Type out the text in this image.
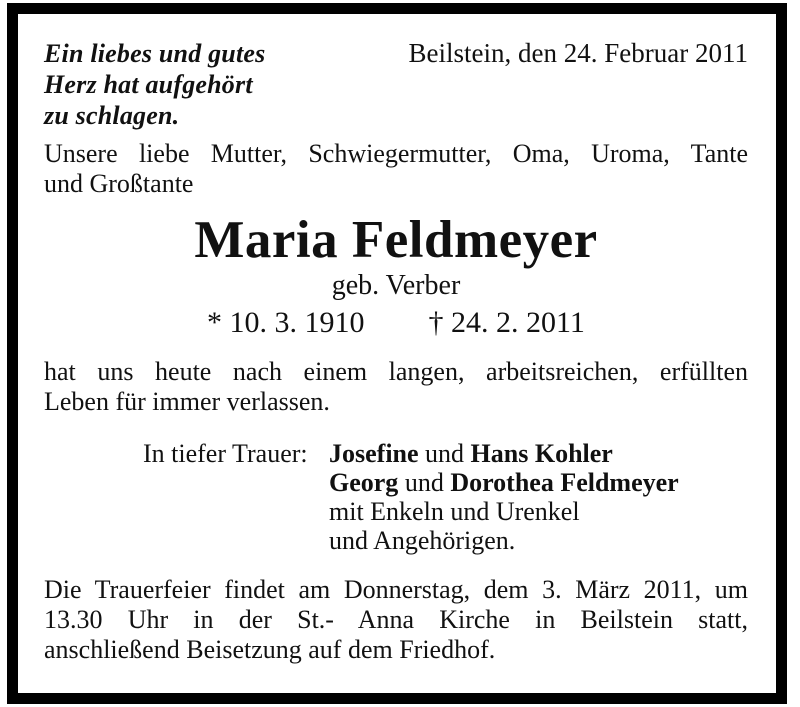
Ein liebes und gutes
Herz hat aufgehört
zu schlagen.
Beilstein, den 24. Februar 2011
Unsere liebe Mutter, Schwiegermutter, Oma, Uroma, Tante
und Großtante
Maria Feldmeyer
geb. Verber
* 10. 3. 1910 † 24. 2. 2011
hat uns heute nach einem langen, arbeitsreichen, erfüllten
Leben für immer verlassen.
In tiefer Trauer: Josefine und Hans Kohler
Georg und Dorothea Feldmeyer
mit Enkeln und Urenkel
und Angehörigen.
Die Trauerfeier findet am Donnerstag, dem 3. März 2011, um
13.30 Uhr in der St.- Anna Kirche in Beilstein statt,
anschließend Beisetzung auf dem Friedhof.
